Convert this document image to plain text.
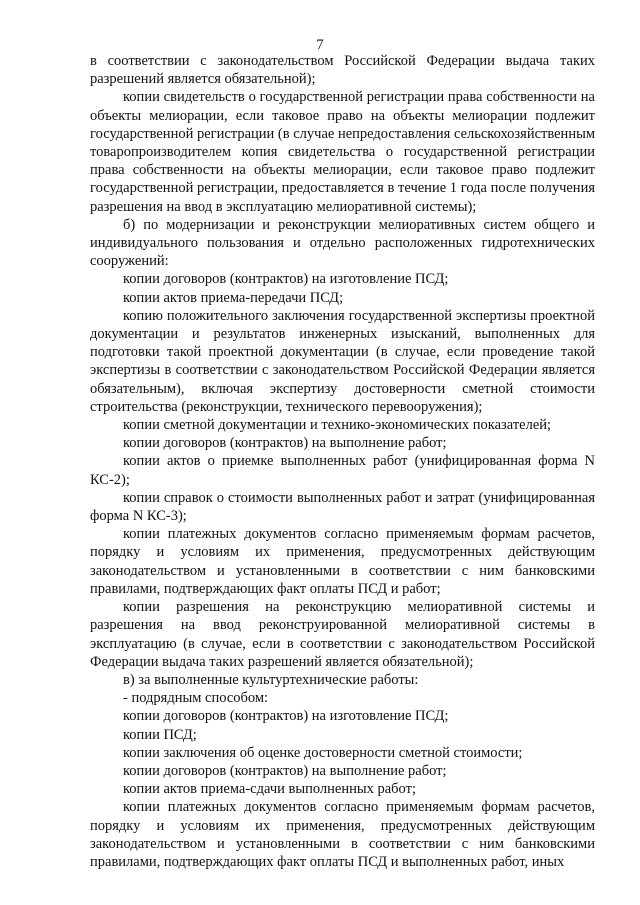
7

в соответствии с законодательством Российской Федерации выдача таких разрешений является обязательной);

копии свидетельств о государственной регистрации права собственности на объекты мелиорации, если таковое право на объекты мелиорации подлежит государственной регистрации (в случае непредоставления сельскохозяйственным товаропроизводителем копия свидетельства о государственной регистрации права собственности на объекты мелиорации, если таковое право подлежит государственной регистрации, предоставляется в течение 1 года после получения разрешения на ввод в эксплуатацию мелиоративной системы);

б) по модернизации и реконструкции мелиоративных систем общего и индивидуального пользования и отдельно расположенных гидротехнических сооружений:

копии договоров (контрактов) на изготовление ПСД;

копии актов приема-передачи ПСД;

копию положительного заключения государственной экспертизы проектной документации и результатов инженерных изысканий, выполненных для подготовки такой проектной документации (в случае, если проведение такой экспертизы в соответствии с законодательством Российской Федерации является обязательным), включая экспертизу достоверности сметной стоимости строительства (реконструкции, технического перевооружения);

копии сметной документации и технико-экономических показателей;

копии договоров (контрактов) на выполнение работ;

копии актов о приемке выполненных работ (унифицированная форма N КС-2);

копии справок о стоимости выполненных работ и затрат (унифицированная форма N КС-3);

копии платежных документов согласно применяемым формам расчетов, порядку и условиям их применения, предусмотренных действующим законодательством и установленными в соответствии с ним банковскими правилами, подтверждающих факт оплаты ПСД и работ;

копии разрешения на реконструкцию мелиоративной системы и разрешения на ввод реконструированной мелиоративной системы в эксплуатацию (в случае, если в соответствии с законодательством Российской Федерации выдача таких разрешений является обязательной);

в) за выполненные культуртехнические работы:

- подрядным способом:

копии договоров (контрактов) на изготовление ПСД;

копии ПСД;

копии заключения об оценке достоверности сметной стоимости;

копии договоров (контрактов) на выполнение работ;

копии актов приема-сдачи выполненных работ;

копии платежных документов согласно применяемым формам расчетов, порядку и условиям их применения, предусмотренных действующим законодательством и установленными в соответствии с ним банковскими правилами, подтверждающих факт оплаты ПСД и выполненных работ, иных
